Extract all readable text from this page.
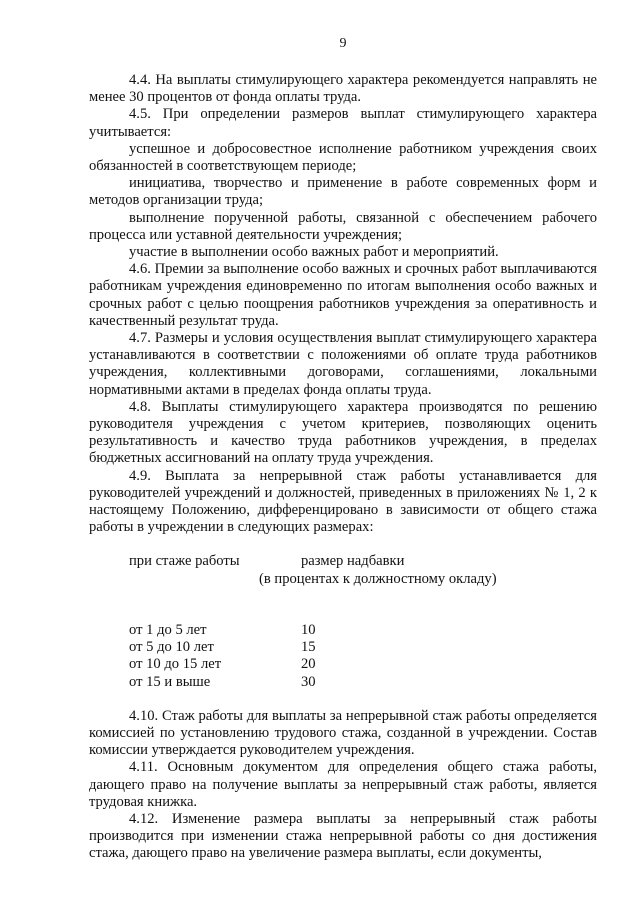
9

4.4. На выплаты стимулирующего характера рекомендуется направлять не менее 30 процентов от фонда оплаты труда.

4.5. При определении размеров выплат стимулирующего характера учитывается:

успешное и добросовестное исполнение работником учреждения своих обязанностей в соответствующем периоде;

инициатива, творчество и применение в работе современных форм и методов организации труда;

выполнение порученной работы, связанной с обеспечением рабочего процесса или уставной деятельности учреждения;

участие в выполнении особо важных работ и мероприятий.

4.6. Премии за выполнение особо важных и срочных работ выплачиваются работникам учреждения единовременно по итогам выполнения особо важных и срочных работ с целью поощрения работников учреждения за оперативность и качественный результат труда.

4.7. Размеры и условия осуществления выплат стимулирующего характера устанавливаются в соответствии с положениями об оплате труда работников учреждения, коллективными договорами, соглашениями, локальными нормативными актами в пределах фонда оплаты труда.

4.8. Выплаты стимулирующего характера производятся по решению руководителя учреждения с учетом критериев, позволяющих оценить результативность и качество труда работников учреждения, в пределах бюджетных ассигнований на оплату труда учреждения.

4.9. Выплата за непрерывной стаж работы устанавливается для руководителей учреждений и должностей, приведенных в приложениях № 1, 2 к настоящему Положению, дифференцировано в зависимости от общего стажа работы в учреждении в следующих размерах:

при стаже работы	размер надбавки
(в процентах к должностному окладу)
от 1 до 5 лет	10
от 5 до 10 лет	15
от 10 до 15 лет	20
от 15 и выше	30

4.10. Стаж работы для выплаты за непрерывной стаж работы определяется комиссией по установлению трудового стажа, созданной в учреждении. Состав комиссии утверждается руководителем учреждения.

4.11. Основным документом для определения общего стажа работы, дающего право на получение выплаты за непрерывный стаж работы, является трудовая книжка.

4.12. Изменение размера выплаты за непрерывный стаж работы производится при изменении стажа непрерывной работы со дня достижения стажа, дающего право на увеличение размера выплаты, если документы,
